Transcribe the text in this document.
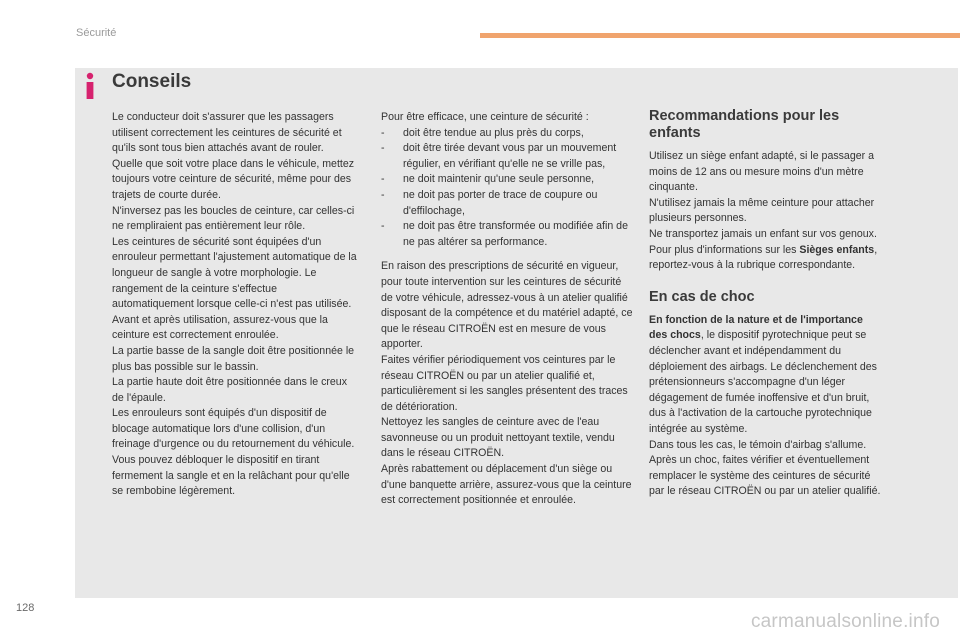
Sécurité
Conseils

Le conducteur doit s'assurer que les passagers utilisent correctement les ceintures de sécurité et qu'ils sont tous bien attachés avant de rouler.

Quelle que soit votre place dans le véhicule, mettez toujours votre ceinture de sécurité, même pour des trajets de courte durée.

N'inversez pas les boucles de ceinture, car celles-ci ne rempliraient pas entièrement leur rôle.

Les ceintures de sécurité sont équipées d'un enrouleur permettant l'ajustement automatique de la longueur de sangle à votre morphologie. Le rangement de la ceinture s'effectue automatiquement lorsque celle-ci n'est pas utilisée.

Avant et après utilisation, assurez-vous que la ceinture est correctement enroulée.

La partie basse de la sangle doit être positionnée le plus bas possible sur le bassin.

La partie haute doit être positionnée dans le creux de l'épaule.

Les enrouleurs sont équipés d'un dispositif de blocage automatique lors d'une collision, d'un freinage d'urgence ou du retournement du véhicule. Vous pouvez débloquer le dispositif en tirant fermement la sangle et en la relâchant pour qu'elle se rembobine légèrement.

Pour être efficace, une ceinture de sécurité :

- doit être tendue au plus près du corps,
- doit être tirée devant vous par un mouvement régulier, en vérifiant qu'elle ne se vrille pas,
- ne doit maintenir qu'une seule personne,
- ne doit pas porter de trace de coupure ou d'effilochage,
- ne doit pas être transformée ou modifiée afin de ne pas altérer sa performance.

En raison des prescriptions de sécurité en vigueur, pour toute intervention sur les ceintures de sécurité de votre véhicule, adressez-vous à un atelier qualifié disposant de la compétence et du matériel adapté, ce que le réseau CITROËN est en mesure de vous apporter.

Faites vérifier périodiquement vos ceintures par le réseau CITROËN ou par un atelier qualifié et, particulièrement si les sangles présentent des traces de détérioration.

Nettoyez les sangles de ceinture avec de l'eau savonneuse ou un produit nettoyant textile, vendu dans le réseau CITROËN.

Après rabattement ou déplacement d'un siège ou d'une banquette arrière, assurez-vous que la ceinture est correctement positionnée et enroulée.

Recommandations pour les enfants

Utilisez un siège enfant adapté, si le passager a moins de 12 ans ou mesure moins d'un mètre cinquante.

N'utilisez jamais la même ceinture pour attacher plusieurs personnes.

Ne transportez jamais un enfant sur vos genoux.

Pour plus d'informations sur les Sièges enfants, reportez-vous à la rubrique correspondante.

En cas de choc

En fonction de la nature et de l'importance des chocs, le dispositif pyrotechnique peut se déclencher avant et indépendamment du déploiement des airbags. Le déclenchement des prétensionneurs s'accompagne d'un léger dégagement de fumée inoffensive et d'un bruit, dus à l'activation de la cartouche pyrotechnique intégrée au système.

Dans tous les cas, le témoin d'airbag s'allume.

Après un choc, faites vérifier et éventuellement remplacer le système des ceintures de sécurité par le réseau CITROËN ou par un atelier qualifié.

128
carmanualsonline.info
